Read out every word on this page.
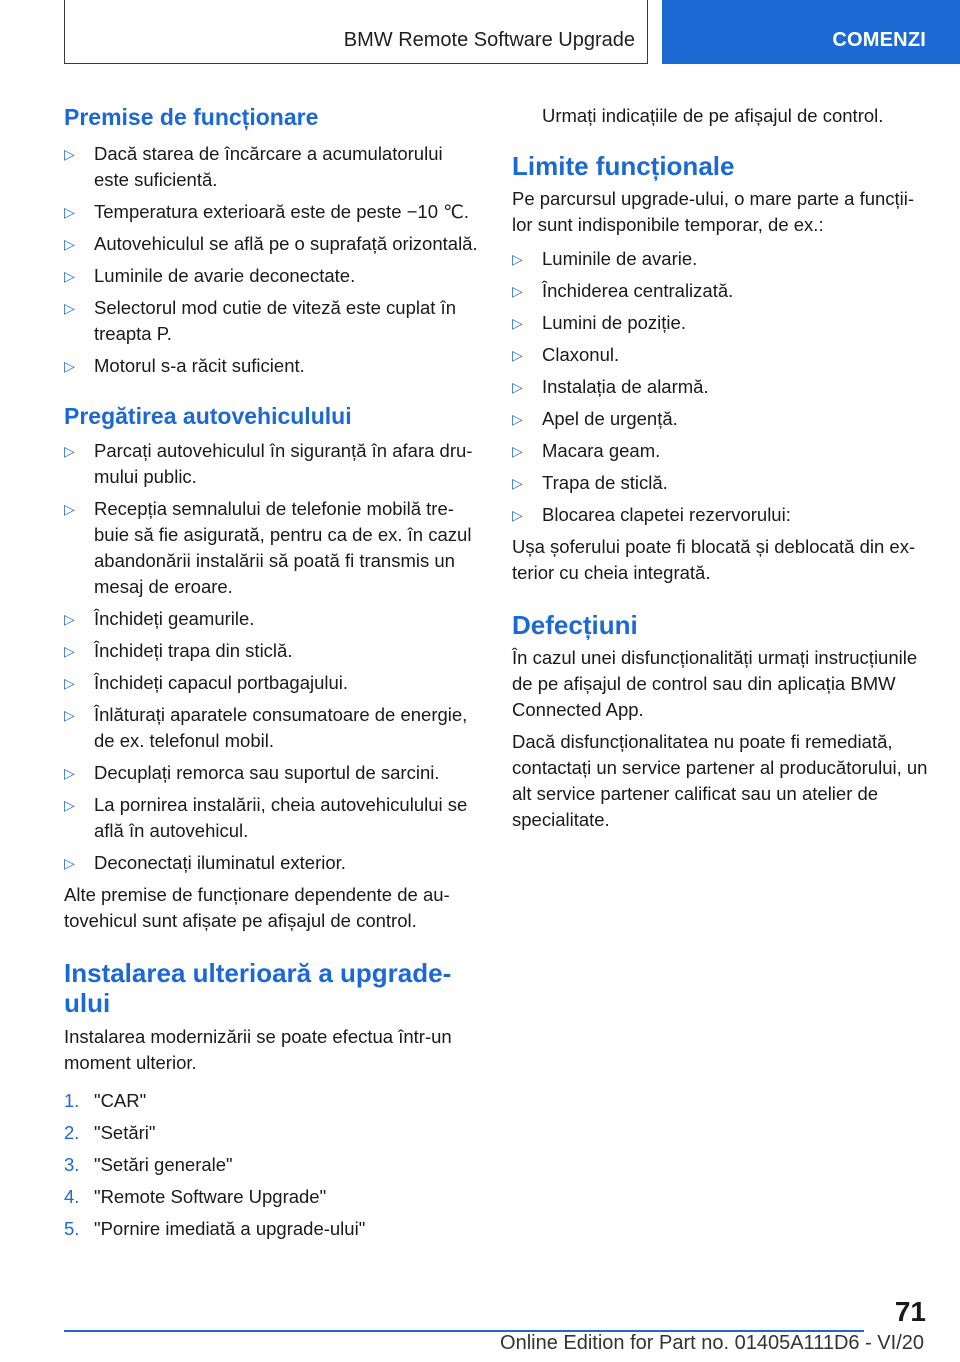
BMW Remote Software Upgrade	COMENZI
Premise de funcționare
▷	Dacă starea de încărcare a acumulatorului este suficientă.
▷	Temperatura exterioară este de peste −10 ℃.
▷	Autovehiculul se află pe o suprafață orizontală.
▷	Luminile de avarie deconectate.
▷	Selectorul mod cutie de viteză este cuplat în treapta P.
▷	Motorul s-a răcit suficient.
Pregătirea autovehiculului
▷	Parcați autovehiculul în siguranță în afara drumului public.
▷	Recepția semnalului de telefonie mobilă trebuie să fie asigurată, pentru ca de ex. în cazul abandonării instalării să poată fi transmis un mesaj de eroare.
▷	Închideți geamurile.
▷	Închideți trapa din sticlă.
▷	Închideți capacul portbagajului.
▷	Înlăturați aparatele consumatoare de energie, de ex. telefonul mobil.
▷	Decuplați remorca sau suportul de sarcini.
▷	La pornirea instalării, cheia autovehiculului se află în autovehicul.
▷	Deconectați iluminatul exterior.

Alte premise de funcționare dependente de autovehicul sunt afișate pe afișajul de control.

Instalarea ulterioară a upgrade-ului

Instalarea modernizării se poate efectua într-un moment ulterior.

1. "CAR"
2. "Setări"
3. "Setări generale"
4. "Remote Software Upgrade"
5. "Pornire imediată a upgrade-ului"

Urmați indicațiile de pe afișajul de control.

Limite funcționale

Pe parcursul upgrade-ului, o mare parte a funcțiilor sunt indisponibile temporar, de ex.:

▷	Luminile de avarie.
▷	Închiderea centralizată.
▷	Lumini de poziție.
▷	Claxonul.
▷	Instalația de alarmă.
▷	Apel de urgență.
▷	Macara geam.
▷	Trapa de sticlă.
▷	Blocarea clapetei rezervorului:

Ușa șoferului poate fi blocată și deblocată din exterior cu cheia integrată.

Defecțiuni

În cazul unei disfuncționalități urmați instrucțiunile de pe afișajul de control sau din aplicația BMW Connected App.

Dacă disfuncționalitatea nu poate fi remediată, contactați un service partener al producătorului, un alt service partener calificat sau un atelier de specialitate.

71
Online Edition for Part no. 01405A111D6 - VI/20
